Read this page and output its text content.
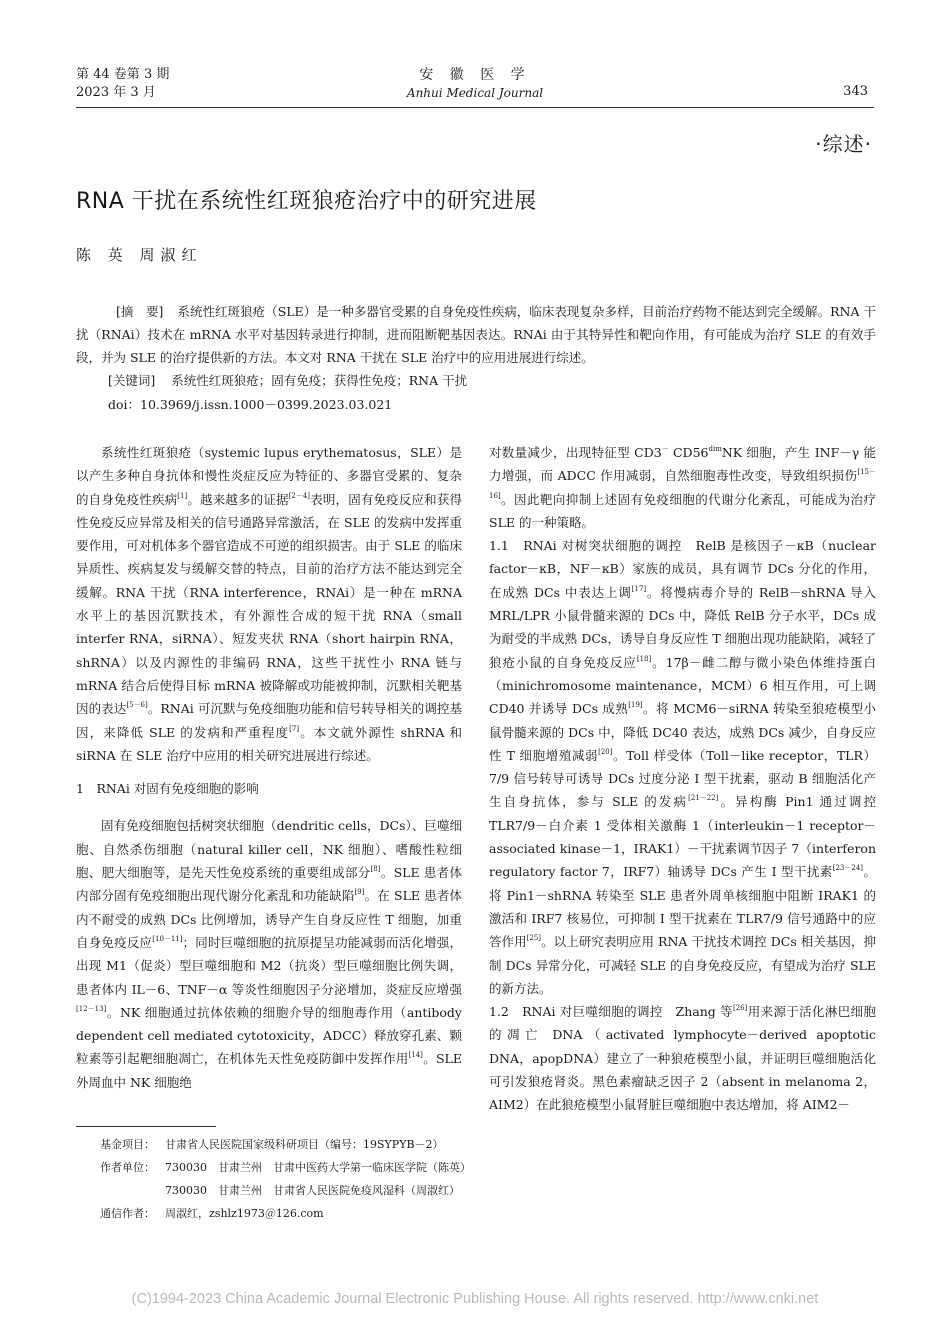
第 44 卷第 3 期
2023 年 3 月
安 徽 医 学
Anhui Medical Journal	343
·综述·
RNA 干扰在系统性红斑狼疮治疗中的研究进展
陈 英 周淑红
[摘　要] 系统性红斑狼疮（SLE）是一种多器官受累的自身免疫性疾病，临床表现复杂多样，目前治疗药物不能达到完全缓解。RNA 干扰（RNAi）技术在 mRNA 水平对基因转录进行抑制，进而阻断靶基因表达。RNAi 由于其特异性和靶向作用，有可能成为治疗 SLE 的有效手段，并为 SLE 的治疗提供新的方法。本文对 RNA 干扰在 SLE 治疗中的应用进展进行综述。
[关键词] 系统性红斑狼疮；固有免疫；获得性免疫；RNA 干扰
doi：10.3969/j.issn.1000－0399.2023.03.021

系统性红斑狼疮（systemic lupus erythematosus，SLE）是以产生多种自身抗体和慢性炎症反应为特征的、多器官受累的、复杂的自身免疫性疾病[1]。越来越多的证据[2－4]表明，固有免疫反应和获得性免疫反应异常及相关的信号通路异常激活，在 SLE 的发病中发挥重要作用，可对机体多个器官造成不可逆的组织损害。由于 SLE 的临床异质性、疾病复发与缓解交替的特点，目前的治疗方法不能达到完全缓解。RNA 干扰（RNA interference，RNAi）是一种在 mRNA 水平上的基因沉默技术，有外源性合成的短干扰 RNA（small interfer RNA，siRNA）、短发夹状 RNA（short hairpin RNA，shRNA）以及内源性的非编码 RNA，这些干扰性小 RNA 链与 mRNA 结合后使得目标 mRNA 被降解或功能被抑制，沉默相关靶基因的表达[5－6]。RNAi 可沉默与免疫细胞功能和信号转导相关的调控基因，来降低 SLE 的发病和严重程度[7]。本文就外源性 shRNA 和 siRNA 在 SLE 治疗中应用的相关研究进展进行综述。

1　RNAi 对固有免疫细胞的影响

固有免疫细胞包括树突状细胞（dendritic cells，DCs）、巨噬细胞、自然杀伤细胞（natural killer cell，NK 细胞）、嗜酸性粒细胞、肥大细胞等，是先天性免疫系统的重要组成部分[8]。SLE 患者体内部分固有免疫细胞出现代谢分化紊乱和功能缺陷[9]。在 SLE 患者体内不耐受的成熟 DCs 比例增加，诱导产生自身反应性 T 细胞，加重自身免疫反应[10－11]；同时巨噬细胞的抗原提呈功能减弱而活化增强，出现 M1（促炎）型巨噬细胞和 M2（抗炎）型巨噬细胞比例失调，患者体内 IL－6、TNF－α 等炎性细胞因子分泌增加，炎症反应增强[12－13]。NK 细胞通过抗体依赖的细胞介导的细胞毒作用（antibody dependent cell mediated cytotoxicity，ADCC）释放穿孔素、颗粒素等引起靶细胞凋亡，在机体先天性免疫防御中发挥作用[14]。SLE 外周血中 NK 细胞绝

对数量减少，出现特征型 CD3－ $CD56^{dim}NK$ 细胞，产生 INF－γ 能力增强，而 ADCC 作用减弱，自然细胞毒性改变，导致组织损伤[15－16]。因此靶向抑制上述固有免疫细胞的代谢分化紊乱，可能成为治疗 SLE 的一种策略。

1.1　RNAi 对树突状细胞的调控　RelB 是核因子－κB（nuclear factor－κB，NF－κB）家族的成员，具有调节 DCs 分化的作用，在成熟 DCs 中表达上调[17]。将慢病毒介导的 RelB－shRNA 导入 MRL/LPR 小鼠骨髓来源的 DCs 中，降低 RelB 分子水平，DCs 成为耐受的半成熟 DCs，诱导自身反应性 T 细胞出现功能缺陷，减轻了狼疮小鼠的自身免疫反应[18]。17β－雌二醇与微小染色体维持蛋白（minichromosome maintenance，MCM）6 相互作用，可上调 CD40 并诱导 DCs 成熟[19]。将 MCM6－siRNA 转染至狼疮模型小鼠骨髓来源的 DCs 中，降低 DC40 表达，成熟 DCs 减少，自身反应性 T 细胞增殖减弱[20]。Toll 样受体（Toll－like receptor，TLR）7/9 信号转导可诱导 DCs 过度分泌 I 型干扰素，驱动 B 细胞活化产生自身抗体，参与 SLE 的发病[21－22]。异构酶 Pin1 通过调控 TLR7/9－白介素 1 受体相关激酶 1（interleukin－1 receptor－associated kinase－1，IRAK1）－干扰素调节因子 7（interferon regulatory factor 7，IRF7）轴诱导 DCs 产生 I 型干扰素[23－24]。将 Pin1－shRNA 转染至 SLE 患者外周单核细胞中阻断 IRAK1 的激活和 IRF7 核易位，可抑制 I 型干扰素在 TLR7/9 信号通路中的应答作用[25]。以上研究表明应用 RNA 干扰技术调控 DCs 相关基因，抑制 DCs 异常分化，可减轻 SLE 的自身免疫反应，有望成为治疗 SLE 的新方法。

1.2　RNAi 对巨噬细胞的调控　Zhang 等[26]用来源于活化淋巴细胞的凋亡 DNA（activated lymphocyte－derived apoptotic DNA，apopDNA）建立了一种狼疮模型小鼠，并证明巨噬细胞活化可引发狼疮肾炎。黑色素瘤缺乏因子 2（absent in melanoma 2，AIM2）在此狼疮模型小鼠肾脏巨噬细胞中表达增加，将 AIM2－

基金项目： 甘肃省人民医院国家级科研项目（编号：19SYPYB－2）
作者单位： 730030　甘肃兰州　甘肃中医药大学第一临床医学院（陈英）
730030　甘肃兰州　甘肃省人民医院免疫风湿科（周淑红）
通信作者： 周淑红，zshlz1973＠126.com
(C)1994-2023 China Academic Journal Electronic Publishing House. All rights reserved. http://www.cnki.net
